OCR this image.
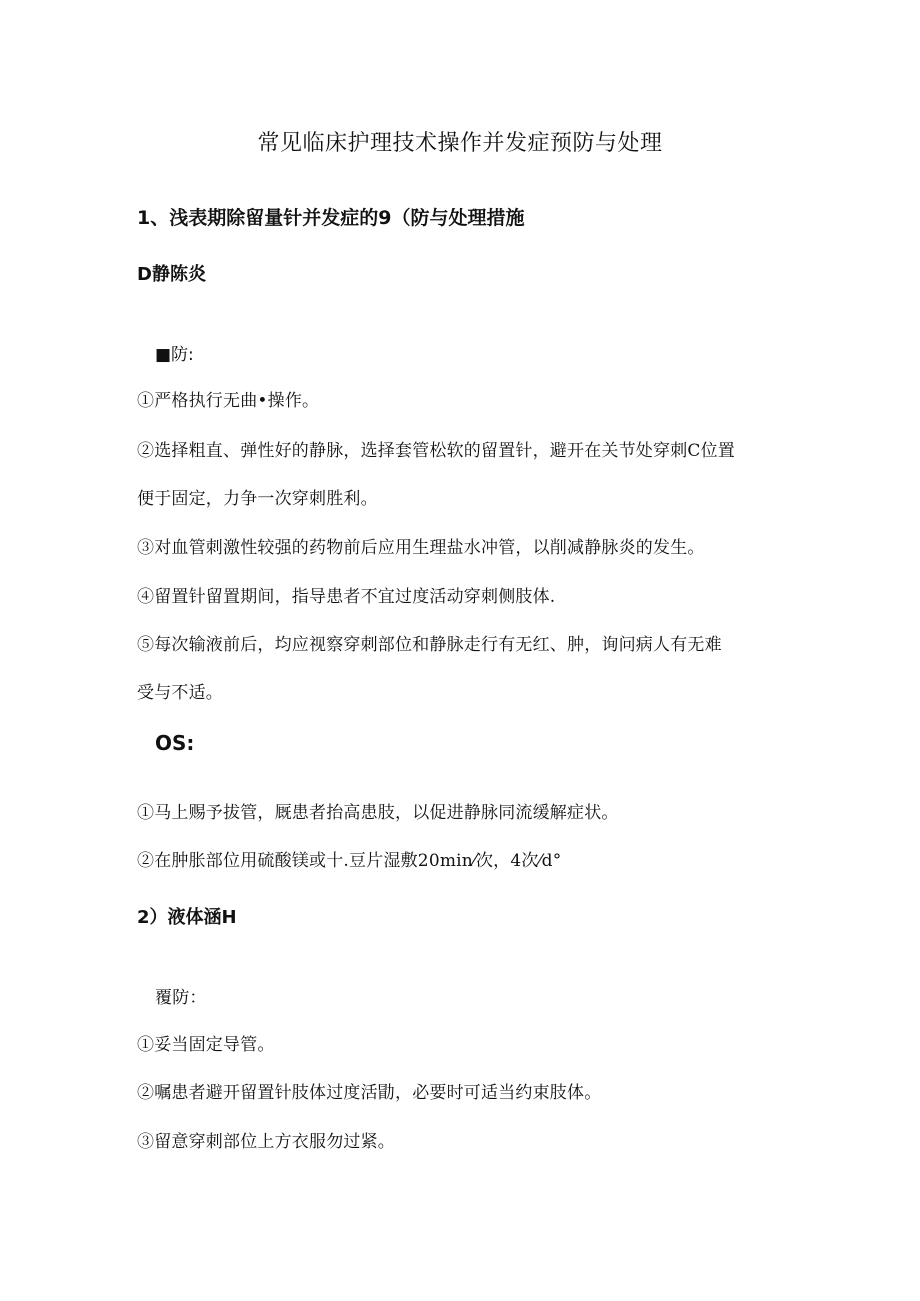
常见临床护理技术操作并发症预防与处理
1、浅表期除留量针并发症的9（防与处理措施
D静陈炎
■防:
①严格执行无曲•操作。
②选择粗直、弹性好的静脉，选择套管松软的留置针，避开在关节处穿刺C位置
便于固定，力争一次穿刺胜利。
③对血管刺激性较强的药物前后应用生理盐水冲管，以削减静脉炎的发生。
④留置针留置期间，指导患者不宜过度活动穿刺侧肢体.
⑤每次输液前后，均应视察穿刺部位和静脉走行有无红、肿，询问病人有无难
受与不适。
OS:
①马上赐予拔管，厩患者抬高患肢，以促进静脉同流缓解症状。
②在肿胀部位用硫酸镁或十.豆片湿敷20min⁄次，4次⁄d°
2）液体涵H
覆防：
①妥当固定导管。
②嘱患者避开留置针肢体过度活勖，必要时可适当约束肢体。
③留意穿刺部位上方衣服勿过紧。
